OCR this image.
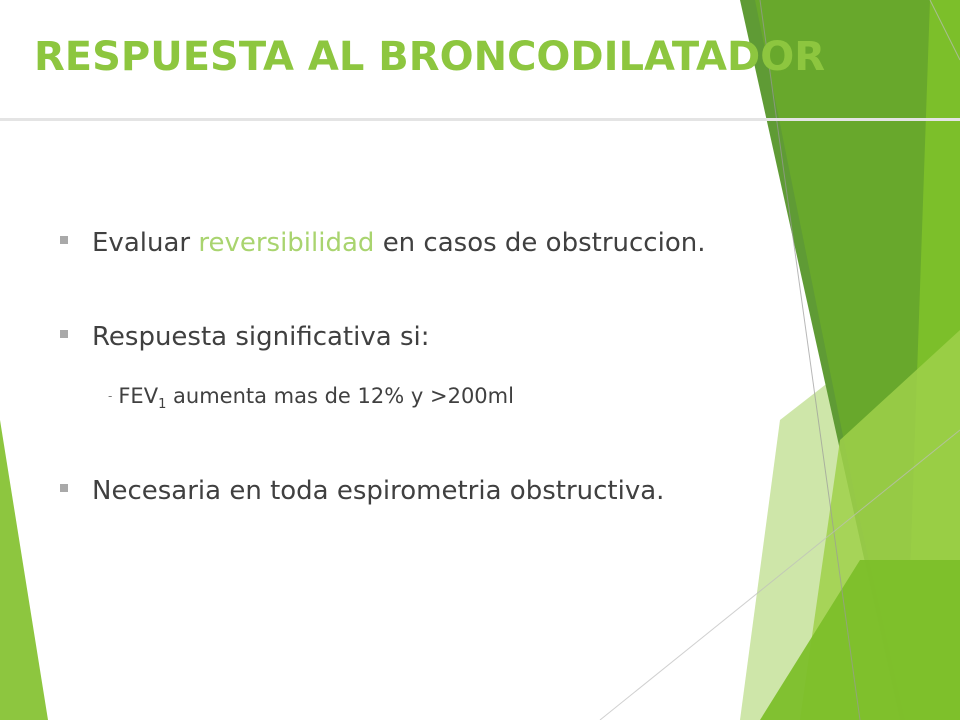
RESPUESTA AL BRONCODILATADOR
Evaluar reversibilidad en casos de obstruccion.
Respuesta significativa si:
- $FEV_1$ aumenta mas de 12% y >200ml
Necesaria en toda espirometria obstructiva.
